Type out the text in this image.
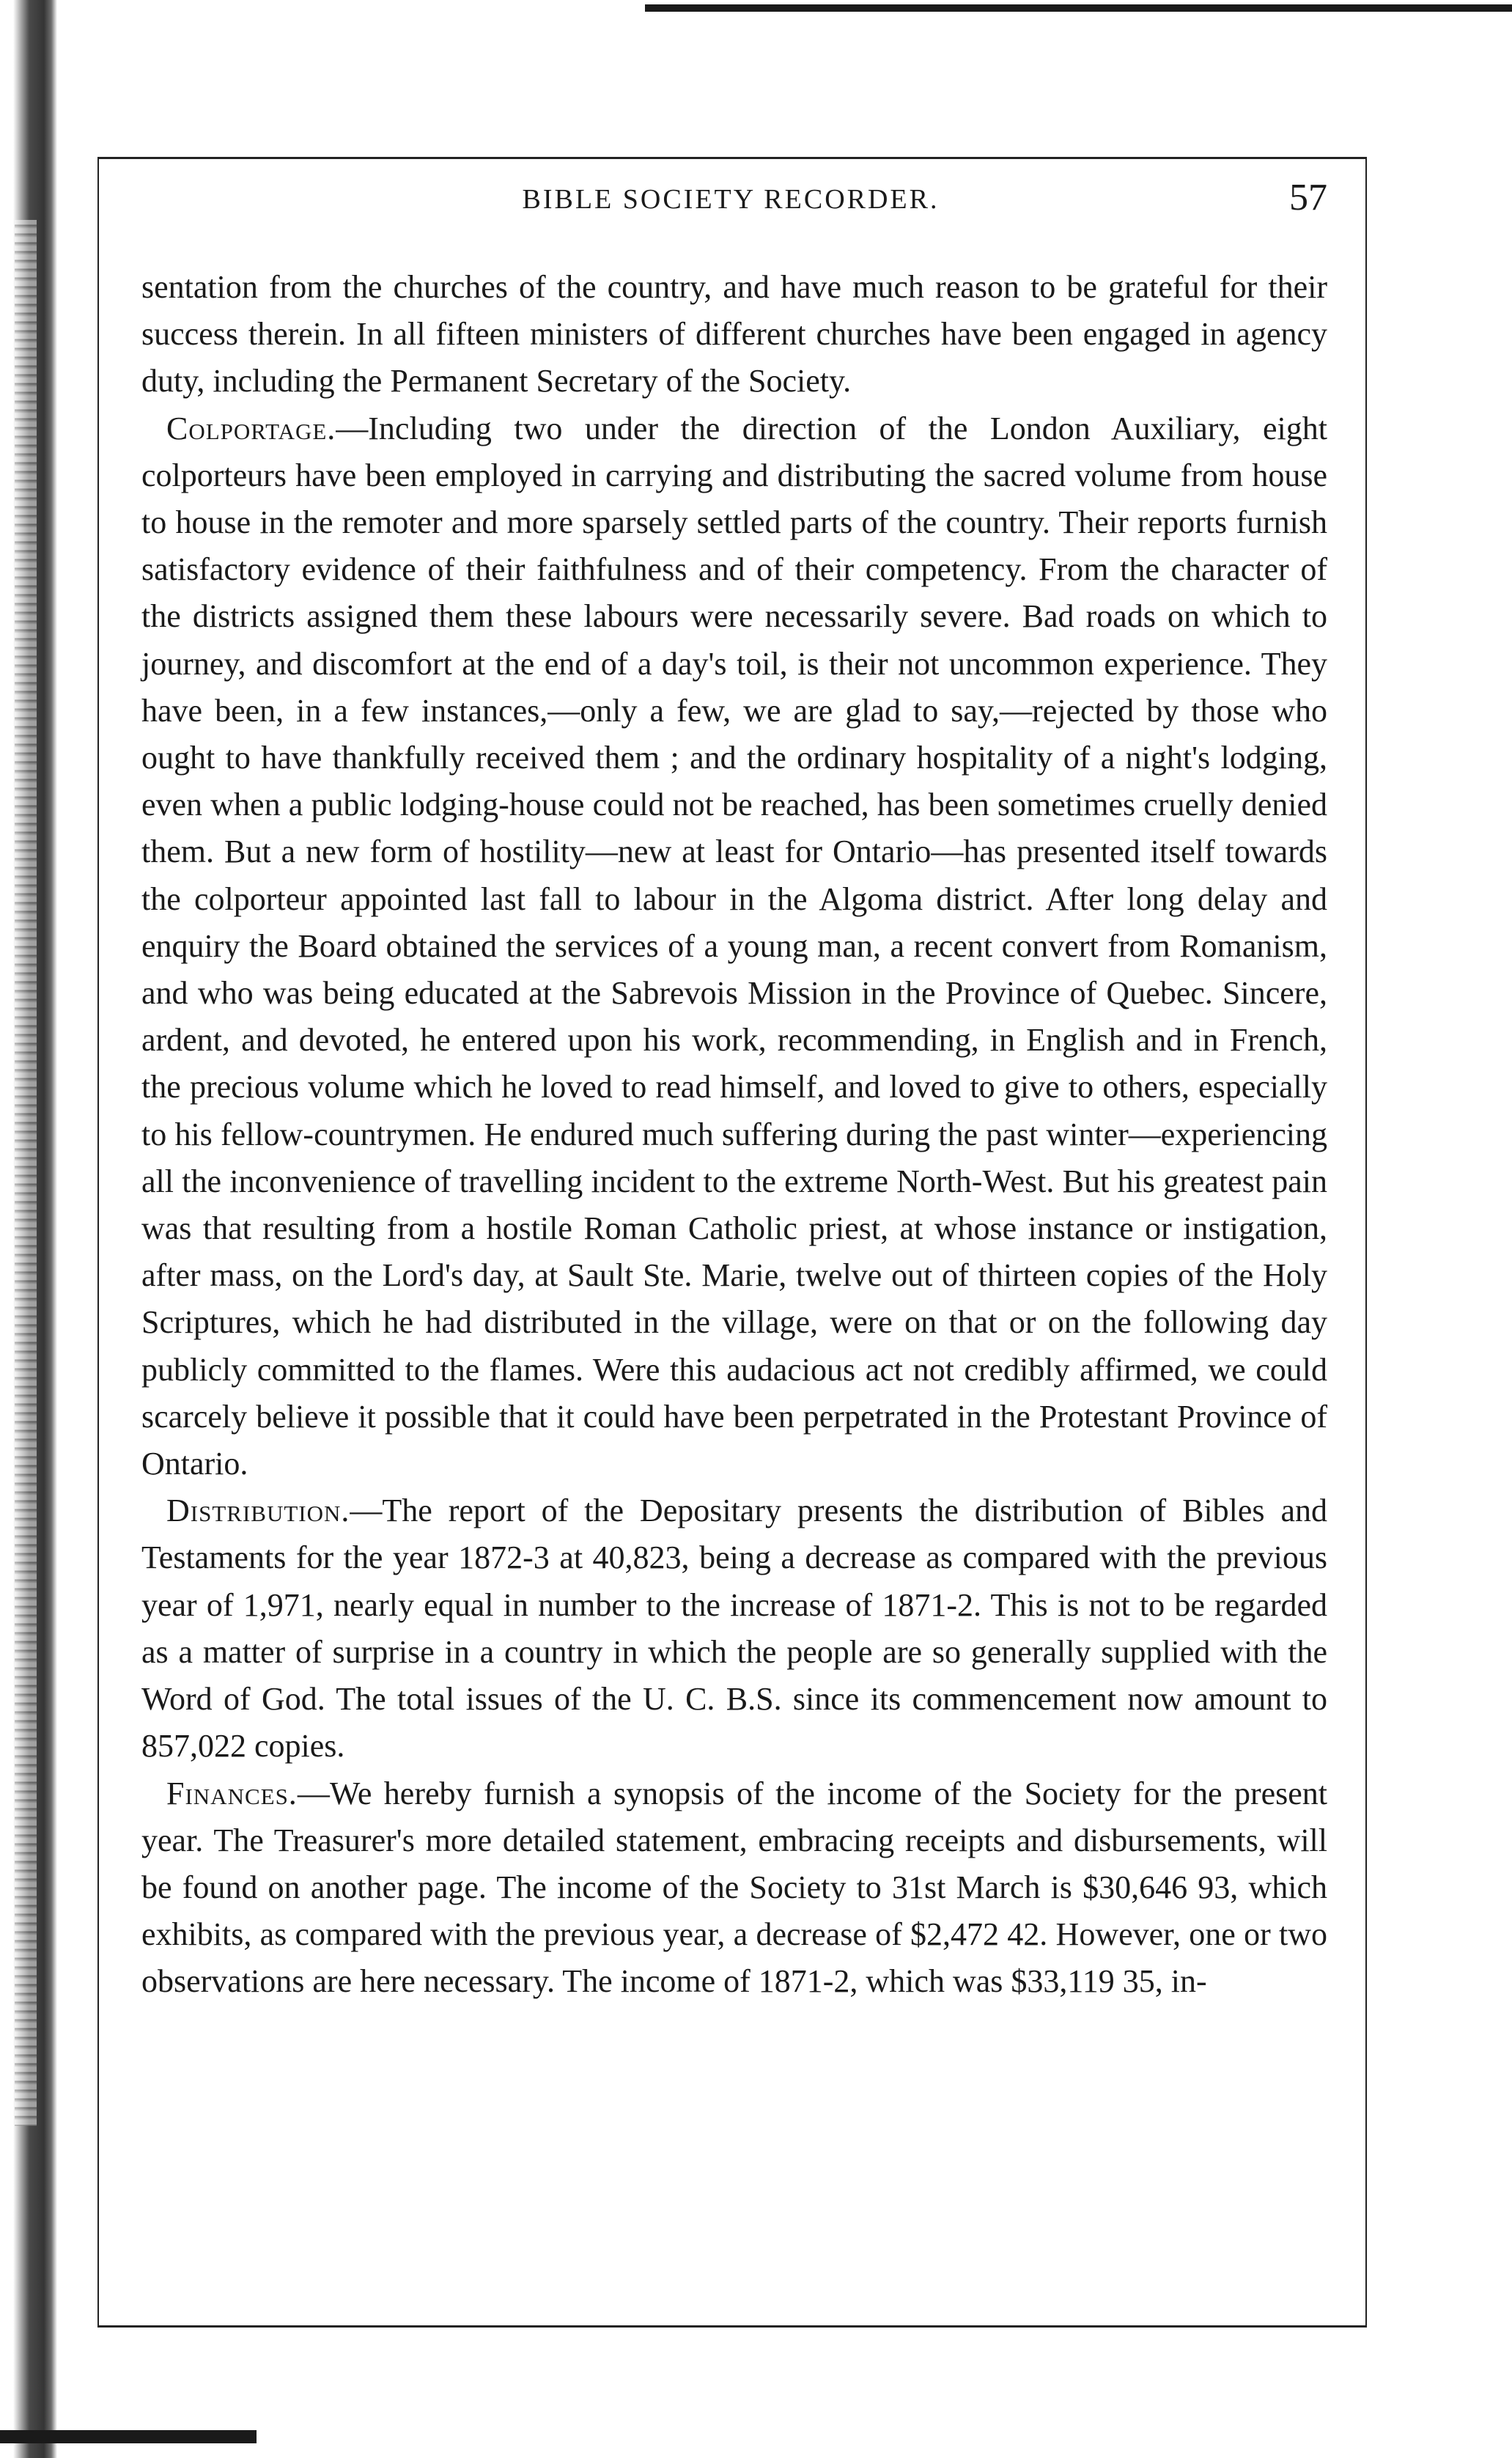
BIBLE SOCIETY RECORDER.	57

sentation from the churches of the country, and have much reason to be grateful for their success therein. In all fifteen ministers of different churches have been engaged in agency duty, including the Permanent Secretary of the Society.

Colportage.—Including two under the direction of the London Auxiliary, eight colporteurs have been employed in carrying and distributing the sacred volume from house to house in the remoter and more sparsely settled parts of the country. Their reports furnish satisfactory evidence of their faithfulness and of their competency. From the character of the districts assigned them these labours were necessarily severe. Bad roads on which to journey, and discomfort at the end of a day's toil, is their not uncommon experience. They have been, in a few instances,—only a few, we are glad to say,—rejected by those who ought to have thankfully received them ; and the ordinary hospitality of a night's lodging, even when a public lodging-house could not be reached, has been sometimes cruelly denied them. But a new form of hostility—new at least for Ontario—has presented itself towards the colporteur appointed last fall to labour in the Algoma district. After long delay and enquiry the Board obtained the services of a young man, a recent convert from Romanism, and who was being educated at the Sabrevois Mission in the Province of Quebec. Sincere, ardent, and devoted, he entered upon his work, recommending, in English and in French, the precious volume which he loved to read himself, and loved to give to others, especially to his fellow-countrymen. He endured much suffering during the past winter—experiencing all the inconvenience of travelling incident to the extreme North-West. But his greatest pain was that resulting from a hostile Roman Catholic priest, at whose instance or instigation, after mass, on the Lord's day, at Sault Ste. Marie, twelve out of thirteen copies of the Holy Scriptures, which he had distributed in the village, were on that or on the following day publicly committed to the flames. Were this audacious act not credibly affirmed, we could scarcely believe it possible that it could have been perpetrated in the Protestant Province of Ontario.

Distribution.—The report of the Depositary presents the distribution of Bibles and Testaments for the year 1872-3 at 40,823, being a decrease as compared with the previous year of 1,971, nearly equal in number to the increase of 1871-2. This is not to be regarded as a matter of surprise in a country in which the people are so generally supplied with the Word of God. The total issues of the U. C. B.S. since its commencement now amount to 857,022 copies.

Finances.—We hereby furnish a synopsis of the income of the Society for the present year. The Treasurer's more detailed statement, embracing receipts and disbursements, will be found on another page. The income of the Society to 31st March is $30,646 93, which exhibits, as compared with the previous year, a decrease of $2,472 42. However, one or two observations are here necessary. The income of 1871-2, which was $33,119 35, in-
